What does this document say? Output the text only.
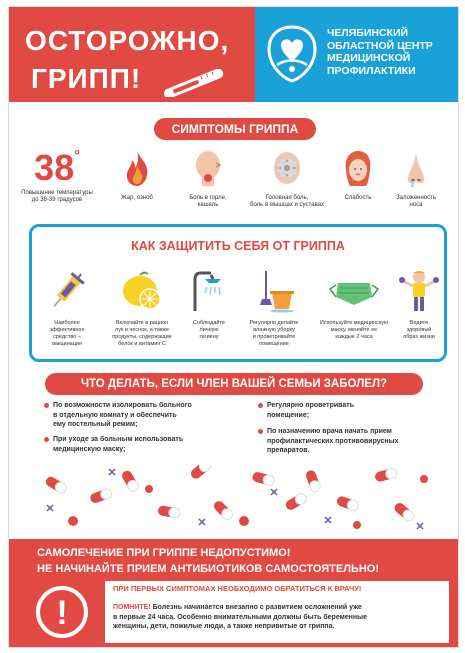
ОСТОРОЖНО,
ГРИПП!
ЧЕЛЯБИНСКИЙ
ОБЛАСТНОЙ ЦЕНТР
МЕДИЦИНСКОЙ
ПРОФИЛАКТИКИ
СИМПТОМЫ ГРИППА
38°
Повышение температуры
до 38-39 градусов	Жар, озноб	Боль в горле,
кашель
Головная боль,
боль в мышцах и суставах
Слабость	Заложенность
носа
КАК ЗАЩИТИТЬ СЕБЯ ОТ ГРИППА
Наиболее
эффективное
средство –
вакцинация
Включайте в рацион
лук и чеснок, а также
продукты, содержащие
белок и витамин С
Соблюдайте
личную
гигиену
Регулярно делайте
влажную уборку
и проветривайте
помещение
Используйте медицинскую
маску, меняйте ее
каждые 2 часа
Ведите
здоровый
образ жизни
ЧТО ДЕЛАТЬ, ЕСЛИ ЧЛЕН ВАШЕЙ СЕМЬИ ЗАБОЛЕЛ?
По возможности изолировать больного
в отдельную комнату и обеспечить
ему постельный режим;
При уходе за больным использовать
медицинскую маску;
Регулярно проветривать
помещение;
По назначению врача начать прием
профилактических противовирусных
препаратов.
САМОЛЕЧЕНИЕ ПРИ ГРИППЕ НЕДОПУСТИМО!
НЕ НАЧИНАЙТЕ ПРИЕМ АНТИБИОТИКОВ САМОСТОЯТЕЛЬНО!
!
ПРИ ПЕРВЫХ СИМПТОМАХ НЕОБХОДИМО ОБРАТИТЬСЯ К ВРАЧУ!
ПОМНИТЕ! Болезнь начинается внезапно с развитием осложнений уже
в первые 24 часа. Особенно внимательными должны быть беременные
женщины, дети, пожилые люди, а также непривитые от гриппа.
